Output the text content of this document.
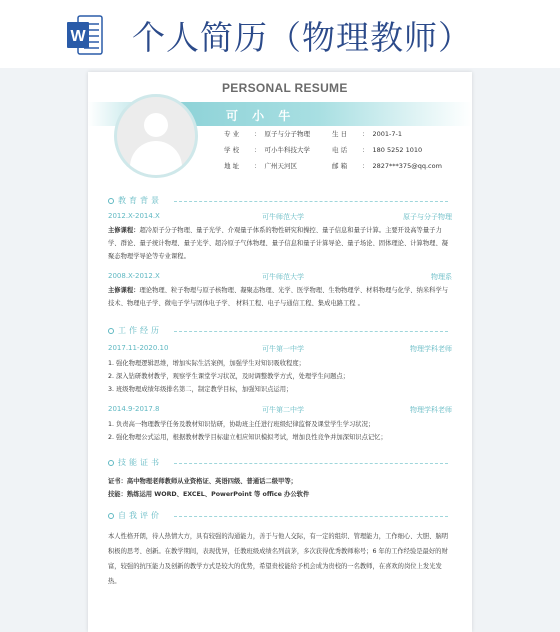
W 个人简历（物理教师）
PERSONAL RESUME
可 小 牛
专 业 ： 原子与分子物理	生 日 ： 2001-7-1
学 校 ： 可小牛科技大学	电 话 ： 180 5252 1010
地 址 ： 广州天河区	邮 箱 ： 2827***375@qq.com
教育背景
2012.X-2014.X	可牛师范大学	原子与分子物理
主修课程：超冷原子分子物理、量子光学、介观量子体系的物性研究和操控、量子信息和量子计算。主要开设高等量子力学、群论、量子统计物理、量子光学、超冷原子气体物理、量子信息和量子计算导论、量子场论、固体理论、计算物理、凝聚态物理学导论等专业课程。
2008.X-2012.X	可牛师范大学	物理系
主修课程：理论物理、粒子物理与原子核物理、凝聚态物理、光学、医学物理、生物物理学、材料物理与化学、纳米科学与技术、物理电子学、微电子学与固体电子学、 材料工程、电子与通信工程、集成电路工程 。
工作经历
2017.11-2020.10	可牛第一中学	物理学科老师
1. 强化物理逻辑思维，增加实际生活案例，加强学生对知识吸收程度；
2. 深入钻研教材教学，观察学生课堂学习状况，及时调整教学方式，处理学生问题点；
3. 班级物理成绩年级排名第二，制定教学目标，加强知识点运用；
2014.9-2017.8	可牛第二中学	物理学科老师
1. 负责高一物理教学任务及教材知识钻研，协助班主任进行班级纪律监督及课堂学生学习状况；
2. 强化物理公式运用，根据教材教学目标建立相应知识模拟考试，增加良性竞争并加深知识点记忆；
技能证书
证书：高中物理老师教师从业资格证、英语四级、普通话二级甲等；
技能：熟练运用 WORD、EXCEL、PowerPoint 等 office 办公软件
自我评价
本人性格开朗，待人热情大方，具有较强的沟通能力，善于与他人交际，有一定的组织、管理能力，工作细心、大胆、脑明积极的思考、创新。在教学期间，表现优异，任教班级成绩名列前茅，多次获得优秀教师称号；6 年的工作经验是最好的财富，较强的抗压能力及创新的教学方式是较大的优势，希望贵校能给予机会成为贵校的一名教师，在喜欢的岗位上发光发热。
